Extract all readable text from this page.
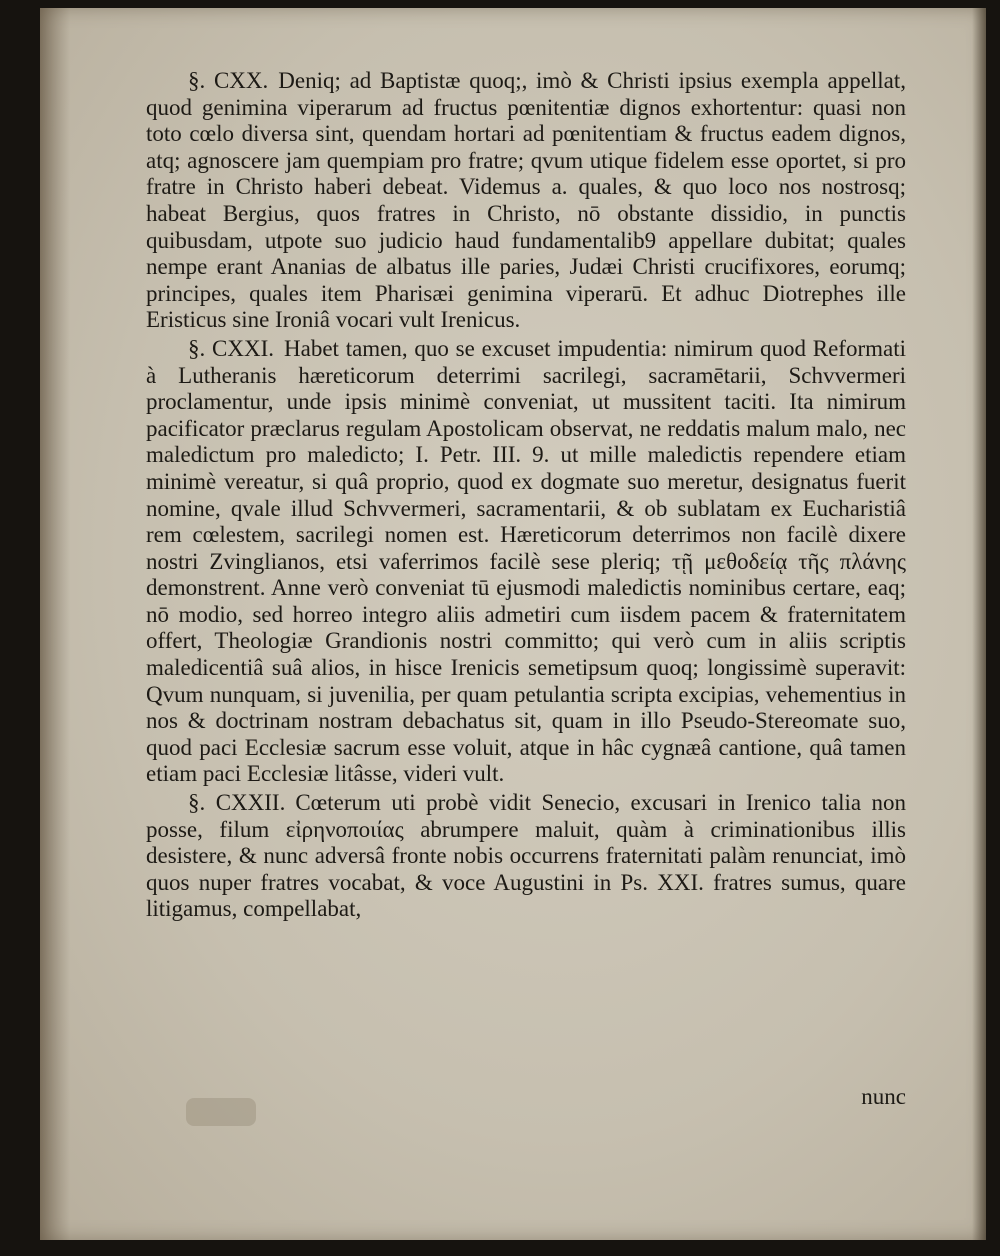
§. CXX. Deniq; ad Baptistæ quoq;, imò & Christi ipsius exempla appellat, quod genimina viperarum ad fructus pœnitentiæ dignos exhortentur: quasi non toto cœlo diversa sint, quendam hortari ad pœnitentiam & fructus eadem dignos, atq; agnoscere jam quempiam pro fratre; qvum utique fidelem esse oportet, si pro fratre in Christo haberi debeat. Videmus a. quales, & quo loco nos nostrosq; habeat Bergius, quos fratres in Christo, nō obstante dissidio, in punctis quibusdam, utpote suo judicio haud fundamentalib9 appellare dubitat; quales nempe erant Ananias de albatus ille paries, Judæi Christi crucifixores, eorumq; principes, quales item Pharisæi genimina viperarū. Et adhuc Diotrephes ille Eristicus sine Ironiâ vocari vult Irenicus.

§. CXXI. Habet tamen, quo se excuset impudentia: nimirum quod Reformati à Lutheranis hæreticorum deterrimi sacrilegi, sacramētarii, Schvvermeri proclamentur, unde ipsis minimè conveniat, ut mussitent taciti. Ita nimirum pacificator præclarus regulam Apostolicam observat, ne reddatis malum malo, nec maledictum pro maledicto; I. Petr. III. 9. ut mille maledictis rependere etiam minimè vereatur, si quâ proprio, quod ex dogmate suo meretur, designatus fuerit nomine, qvale illud Schvvermeri, sacramentarii, & ob sublatam ex Eucharistiâ rem cœlestem, sacrilegi nomen est. Hæreticorum deterrimos non facilè dixere nostri Zvinglianos, etsi vaferrimos facilè sese pleriq; τῇ μεθοδείᾳ τῆς πλάνης demonstrent. Anne verò conveniat tū ejusmodi maledictis nominibus certare, eaq; nō modio, sed horreo integro aliis admetiri cum iisdem pacem & fraternitatem offert, Theologiæ Grandionis nostri committo; qui verò cum in aliis scriptis maledicentiâ suâ alios, in hisce Irenicis semetipsum quoq; longissimè superavit: Qvum nunquam, si juvenilia, per quam petulantia scripta excipias, vehementius in nos & doctrinam nostram debachatus sit, quam in illo Pseudo-Stereomate suo, quod paci Ecclesiæ sacrum esse voluit, atque in hâc cygnæâ cantione, quâ tamen etiam paci Ecclesiæ litâsse, videri vult.

§. CXXII. Cœterum uti probè vidit Senecio, excusari in Irenico talia non posse, filum εἰρηνοποιίας abrumpere maluit, quàm à criminationibus illis desistere, & nunc adversâ fronte nobis occurrens fraternitati palàm renunciat, imò quos nuper fratres vocabat, & voce Augustini in Ps. XXI. fratres sumus, quare litigamus, compellabat,

nunc
